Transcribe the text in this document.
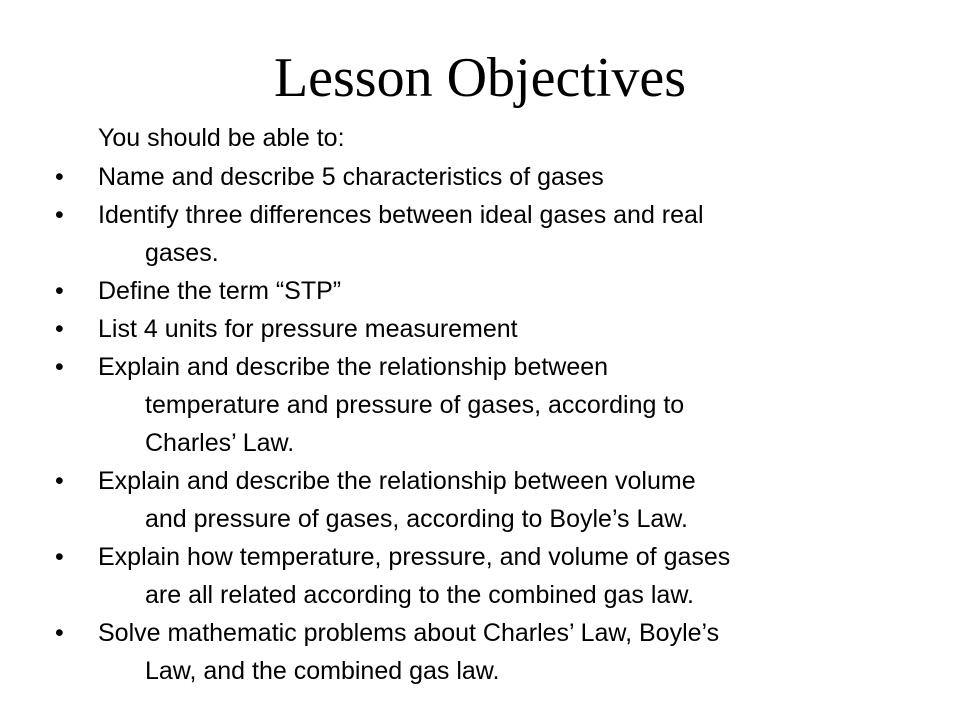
Lesson Objectives
You should be able to:
•	Name and describe 5 characteristics of gases
•	Identify three differences between ideal gases and real
gases.
•	Define the term “STP”
•	List 4 units for pressure measurement
•	Explain and describe the relationship between
temperature and pressure of gases, according to
Charles’ Law.
•	Explain and describe the relationship between volume
and pressure of gases, according to Boyle’s Law.
•	Explain how temperature, pressure, and volume of gases
are all related according to the combined gas law.
•	Solve mathematic problems about Charles’ Law, Boyle’s
Law, and the combined gas law.
